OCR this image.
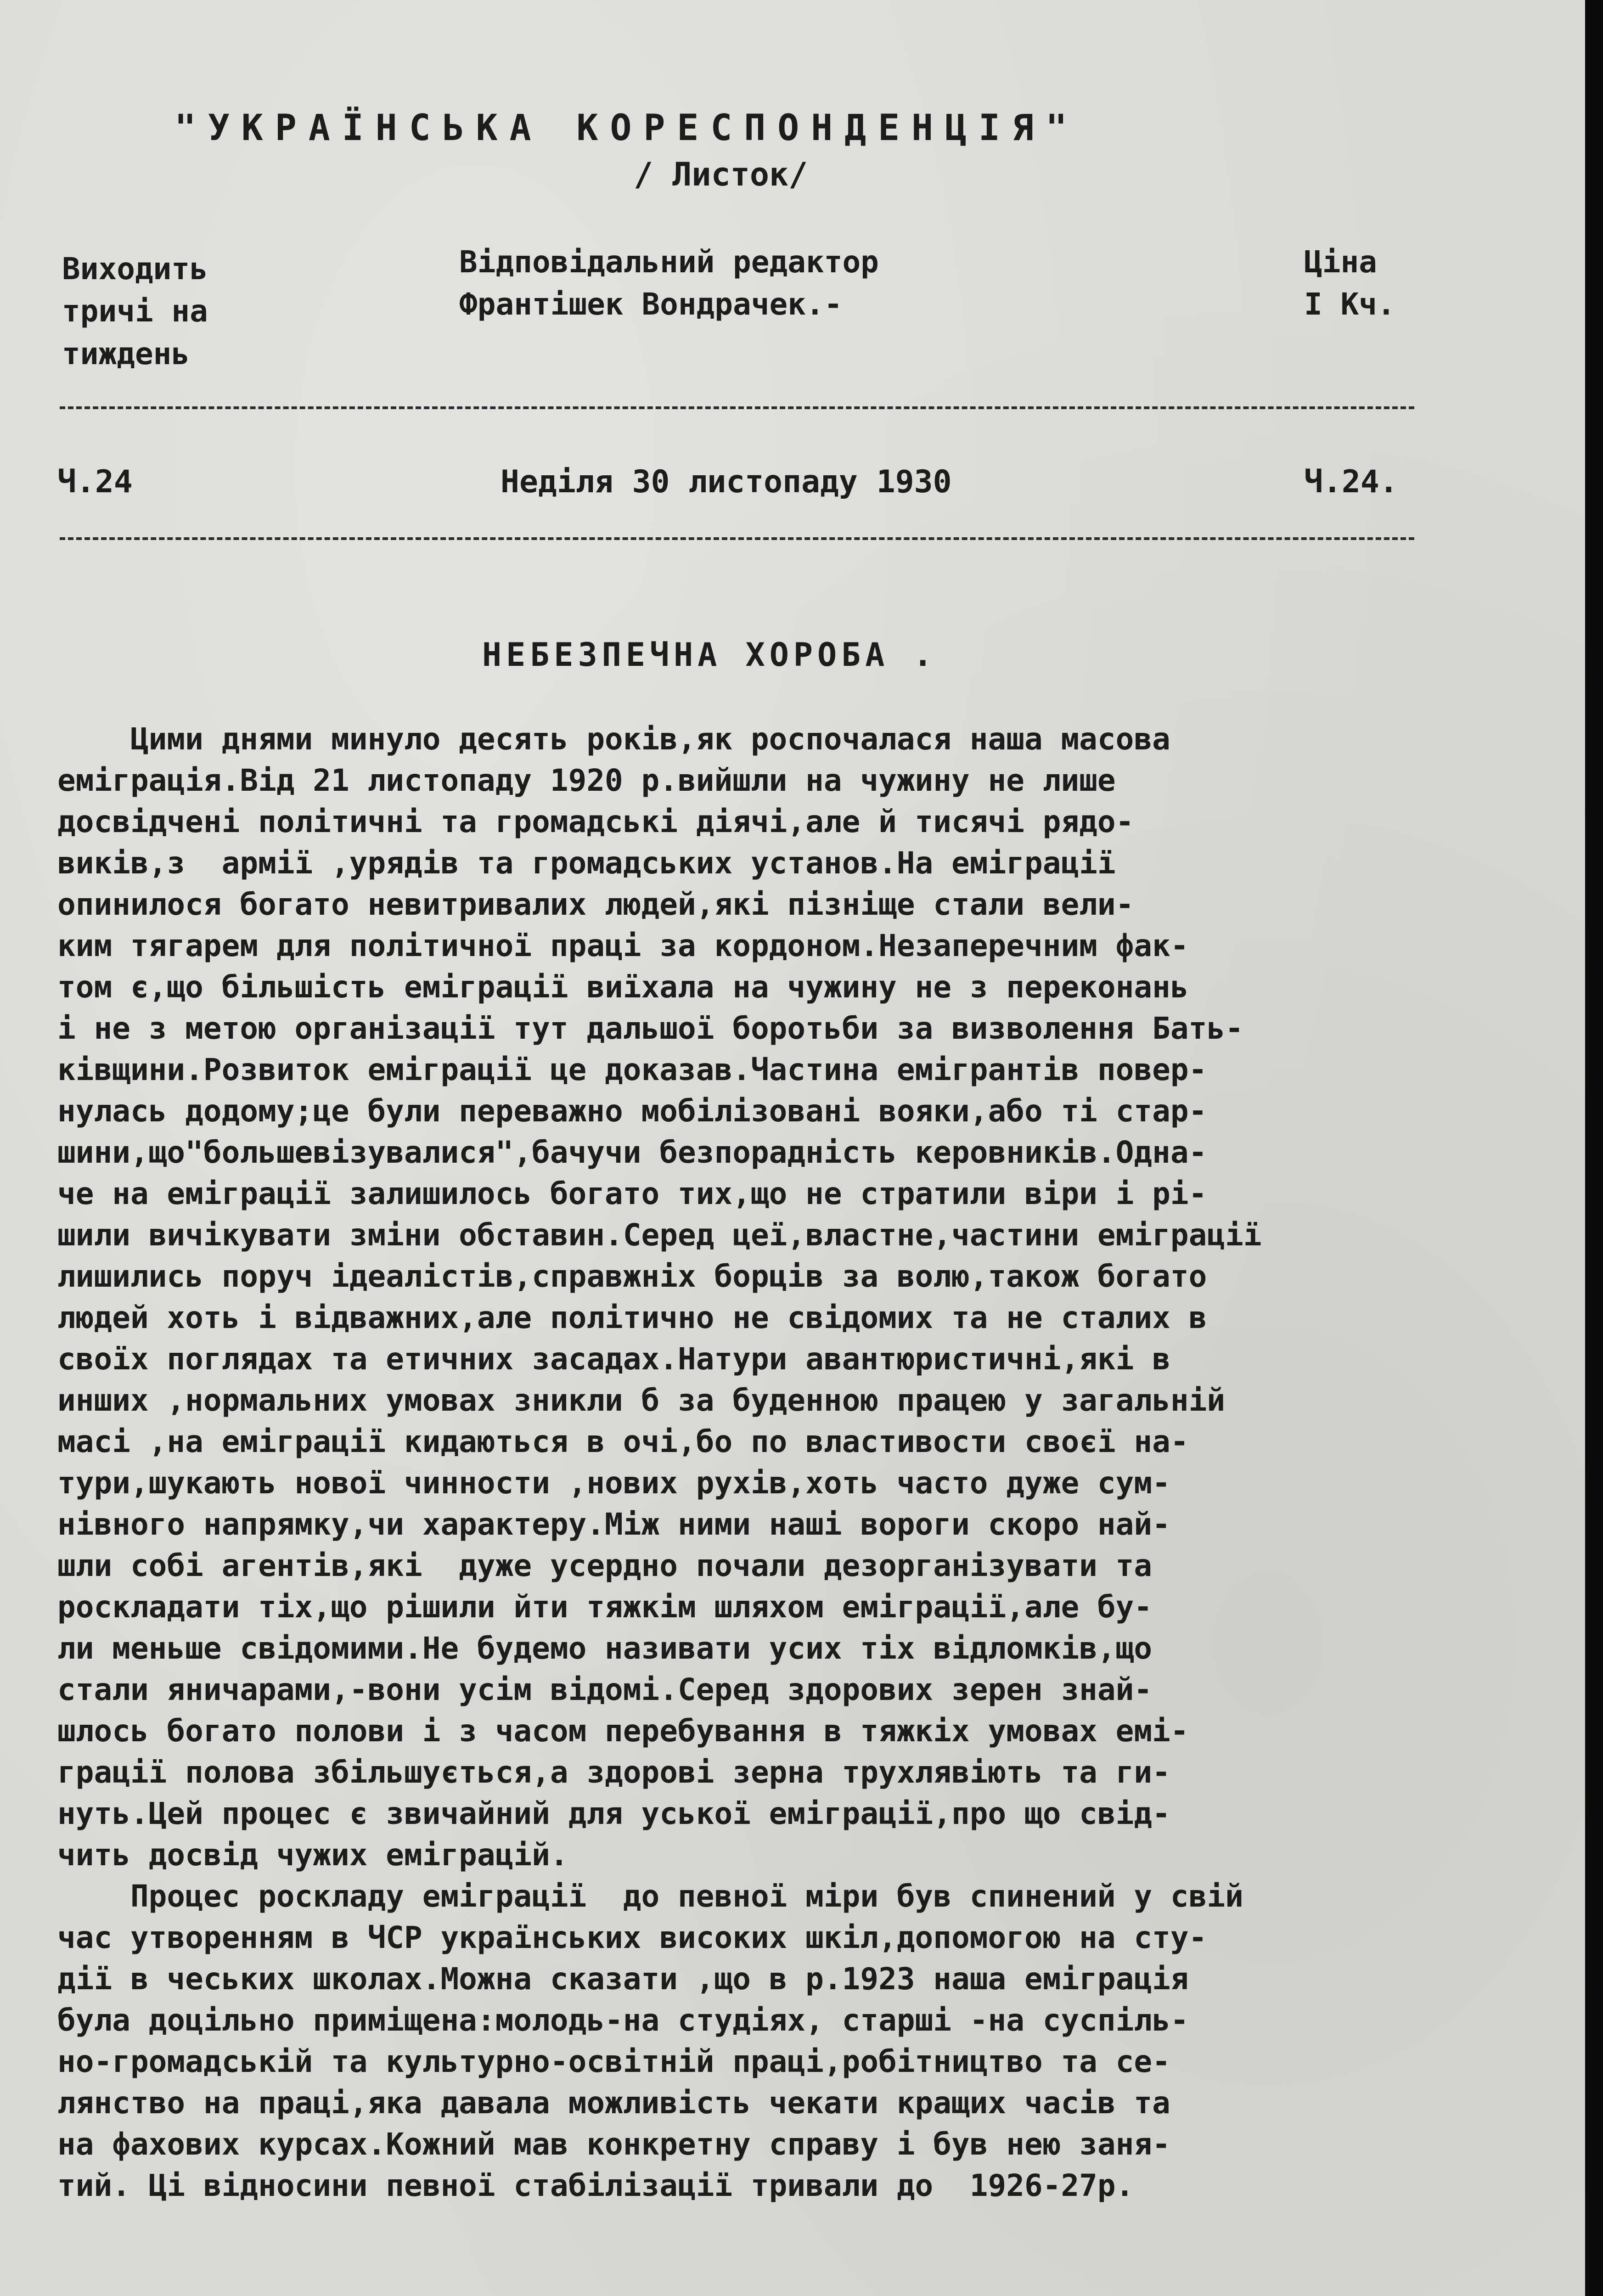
"УКРАЇНСЬКА КОРЕСПОНДЕНЦІЯ"
/ Листок/
Виходить
тричі на
тиждень
Відповідальний редактор
Франтішек Вондрачек.-
Ціна
І Кч.
Ч.24	Неділя 30 листопаду 1930	Ч.24.
НЕБЕЗПЕЧНА ХОРОБА .
Цими днями минуло десять років,як роспочалася наша масова
еміграція.Від 21 листопаду 1920 р.вийшли на чужину не лише
досвідчені політичні та громадські діячі,але й тисячі рядо-
виків,з  армії ,урядів та громадських установ.На еміграції
опинилося богато невитривалих людей,які пізніще стали вели-
ким тягарем для політичної праці за кордоном.Незаперечним фак-
том є,що більшість еміграції виїхала на чужину не з переконань
і не з метою організації тут дальшої боротьби за визволення Бать-
ківщини.Розвиток еміграції це доказав.Частина емігрантів повер-
нулась додому;це були переважно мобілізовані вояки,або ті стар-
шини,що"большевізувалися",бачучи безпорадність керовників.Одна-
че на еміграції залишилось богато тих,що не стратили віри і рі-
шили вичікувати зміни обставин.Серед цеї,властне,частини еміграції
лишились поруч ідеалістів,справжніх борців за волю,також богато
людей хоть і відважних,але політично не свідомих та не сталих в
своїх поглядах та етичних засадах.Натури авантюристичні,які в
инших ,нормальних умовах зникли б за буденною працею у загальній
масі ,на еміграції кидаються в очі,бо по властивости своєї на-
тури,шукають нової чинности ,нових рухів,хоть часто дуже сум-
нівного напрямку,чи характеру.Між ними наші вороги скоро най-
шли собі агентів,які  дуже усердно почали дезорганізувати та
роскладати тіх,що рішили йти тяжкім шляхом еміграції,але бу-
ли меньше свідомими.Не будемо називати усих тіх відломків,що
стали яничарами,-вони усім відомі.Серед здорових зерен знай-
шлось богато полови і з часом перебування в тяжкіх умовах емі-
грації полова збільшується,а здорові зерна трухлявіють та ги-
нуть.Цей процес є звичайний для уської еміграції,про що свід-
чить досвід чужих еміграцій.
Процес роскладу еміграції  до певної міри був спинений у свій
час утворенням в ЧСР українських високих шкіл,допомогою на сту-
дії в чеських школах.Можна сказати ,що в р.1923 наша еміграція
була доцільно приміщена:молодь-на студіях, старші -на суспіль-
но-громадській та культурно-освітній праці,робітництво та се-
лянство на праці,яка давала можливість чекати кращих часів та
на фахових курсах.Кожний мав конкретну справу і був нею заня-
тий. Ці відносини певної стабілізації тривали до  1926-27р.
